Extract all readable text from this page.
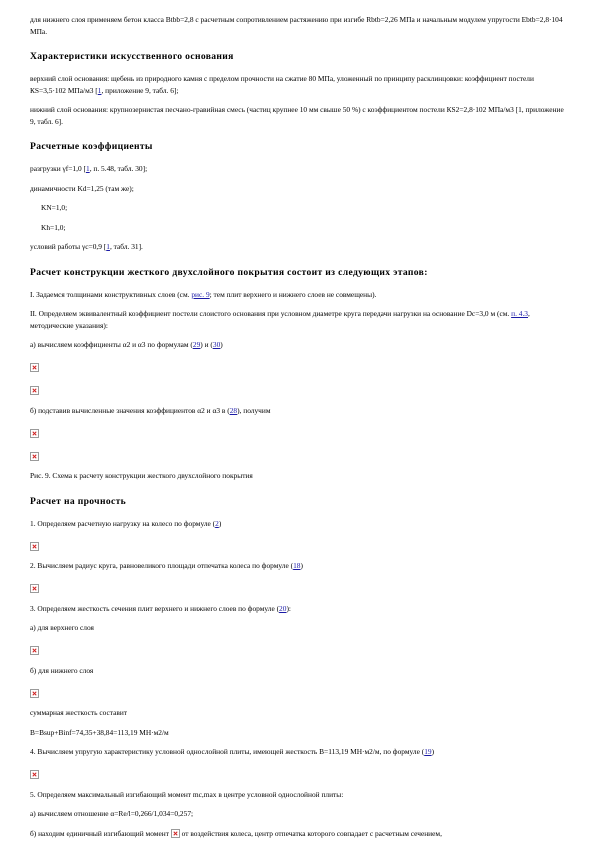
для нижнего слоя применяем бетон класса Btbb=2,8 с расчетным сопротивлением растяжению при изгибе Rbtb=2,26 МПа и начальным модулем упругости Ebtb=2,8·104 МПа.

Характеристики искусственного основания

верхний слой основания: щебень из природного камня с пределом прочности на сжатие 80 МПа, уложенный по принципу расклинцовки: коэффициент постели КS=3,5·102 МПа/м3 [1, приложение 9, табл. 6];

нижний слой основания: крупнозернистая песчано-гравийная смесь (частиц крупнее 10 мм свыше 50 %) с коэффициентом постели КS2=2,8·102 МПа/м3 [1, приложение 9, табл. 6].

Расчетные коэффициенты

разгрузки γf=1,0 [1, п. 5.48, табл. 30];

динамичности Kd=1,25 (там же);

KN=1,0;

Kh=1,0;

условий работы γc=0,9 [1, табл. 31].

Расчет конструкции жесткого двухслойного покрытия состоит из следующих этапов:

I. Задаемся толщинами конструктивных слоев (см. рис. 9; тем плит верхнего и нижнего слоев не совмещены).

II. Определяем эквивалентный коэффициент постели слоистого основания при условном диаметре круга передачи нагрузки на основание Dc=3,0 м (см. п. 4.3, методические указания):

а) вычисляем коэффициенты α2 и α3 по формулам (29) и (30)

б) подставив вычисленные значения коэффициентов α2 и α3 в (28), получим

Рис. 9. Схема к расчету конструкции жесткого двухслойного покрытия

Расчет на прочность

1. Определяем расчетную нагрузку на колесо по формуле (2)

2. Вычисляем радиус круга, равновеликого площади отпечатка колеса по формуле (18)

3. Определяем жесткость сечения плит верхнего и нижнего слоев по формуле (20):

а) для верхнего слоя

б) для нижнего слоя

суммарная жесткость составит

B=Bsup+Binf=74,35+38,84=113,19 МН·м2/м

4. Вычисляем упругую характеристику условной однослойной плиты, имеющей жесткость B=113,19 МН·м2/м, по формуле (19)

5. Определяем максимальный изгибающий момент mc,max в центре условной однослойной плиты:

а) вычисляем отношение α=Re/l=0,266/1,034=0,257;

б) находим единичный изгибающий момент от воздействия колеса, центр отпечатка которого совпадает с расчетным сечением,
